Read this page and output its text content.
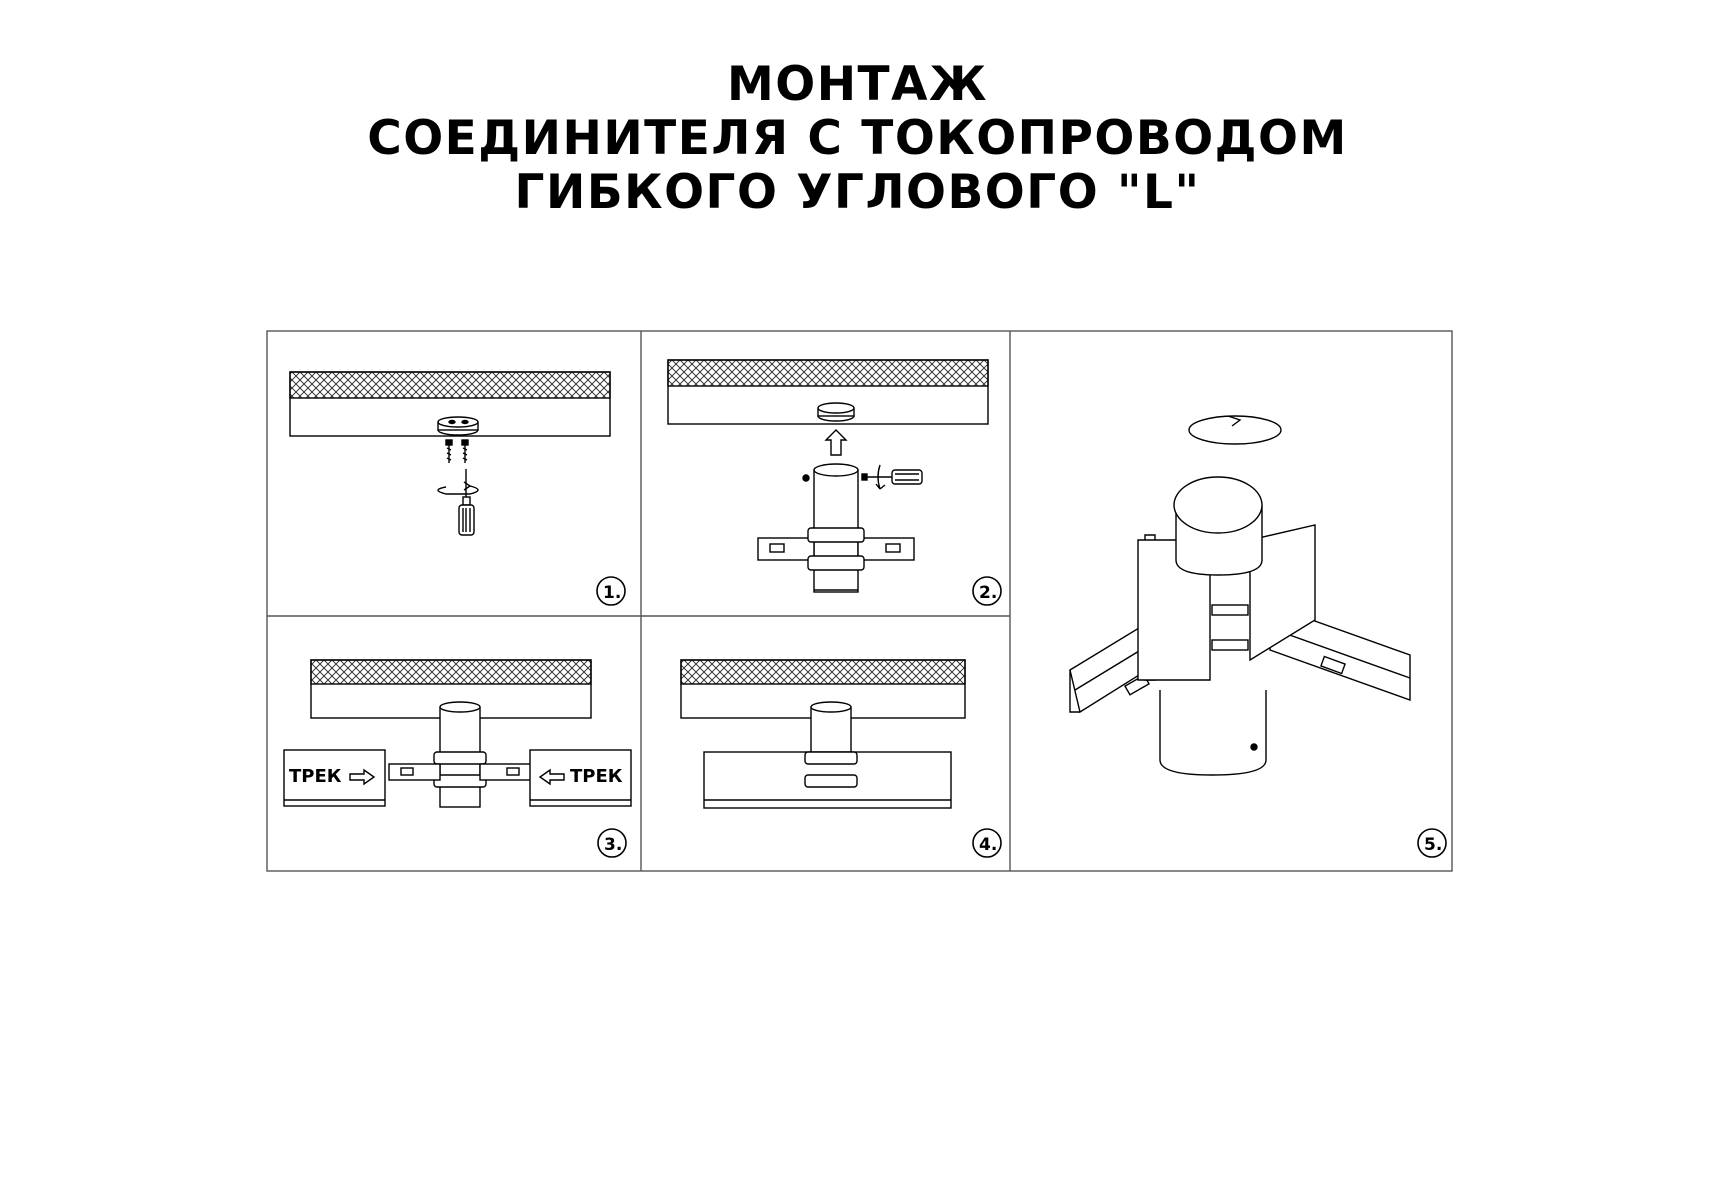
МОНТАЖ
СОЕДИНИТЕЛЯ С ТОКОПРОВОДОМ
ГИБКОГО УГЛОВОГО "L"
ТРЕК	ТРЕК
1.	2.
3.	4.	5.
